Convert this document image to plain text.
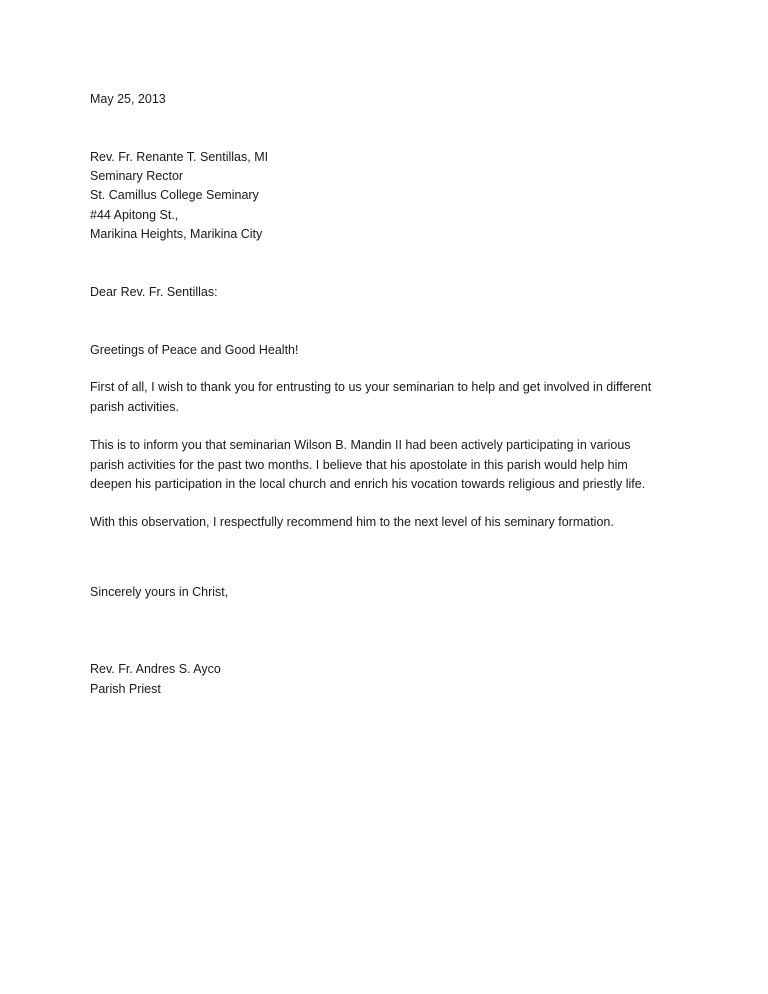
May 25, 2013
Rev. Fr. Renante T. Sentillas, MI
Seminary Rector
St. Camillus College Seminary
#44 Apitong St.,
Marikina Heights, Marikina City
Dear Rev. Fr. Sentillas:
Greetings of Peace and Good Health!

First of all, I wish to thank you for entrusting to us your seminarian to help and get involved in different
parish activities.

This is to inform you that seminarian Wilson B. Mandin II had been actively participating in various
parish activities for the past two months. I believe that his apostolate in this parish would help him
deepen his participation in the local church and enrich his vocation towards religious and priestly life.

With this observation, I respectfully recommend him to the next level of his seminary formation.

Sincerely yours in Christ,
Rev. Fr. Andres S. Ayco
Parish Priest
